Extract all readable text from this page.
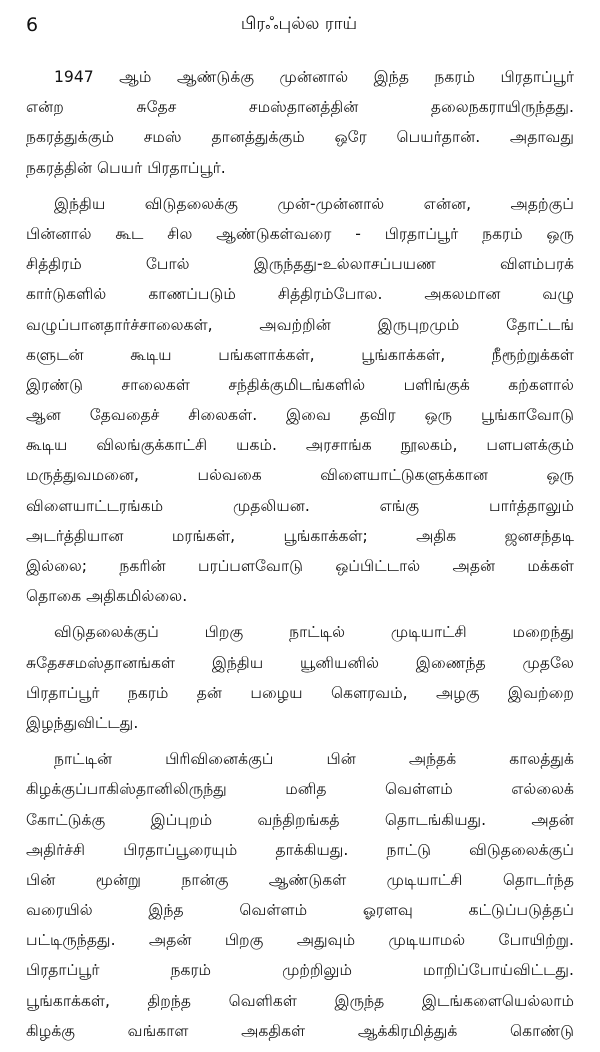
6	பிரஃபுல்ல ராய்
1947 ஆம் ஆண்டுக்கு முன்னால் இந்த நகரம் பிரதாப்பூர்
என்ற சுதேச சமஸ்தானத்தின் தலைநகராயிருந்தது.
நகரத்துக்கும் சமஸ் தானத்துக்கும் ஒரே பெயர்தான். அதாவது
நகரத்தின் பெயர் பிரதாப்பூர்.
இந்திய விடுதலைக்கு முன்-முன்னால் என்ன, அதற்குப்
பின்னால் கூட சில ஆண்டுகள்வரை - பிரதாப்பூர் நகரம் ஒரு
சித்திரம் போல் இருந்தது-உல்லாசப்பயண விளம்பரக்
கார்டுகளில் காணப்படும் சித்திரம்போல. அகலமான வழு
வழுப்பானதார்ச்சாலைகள், அவற்றின் இருபுறமும் தோட்டங்
களுடன் கூடிய பங்களாக்கள், பூங்காக்கள், நீரூற்றுக்கள்
இரண்டு சாலைகள் சந்திக்குமிடங்களில் பளிங்குக் கற்களால்
ஆன தேவதைச் சிலைகள். இவை தவிர ஒரு பூங்காவோடு
கூடிய விலங்குக்காட்சி யகம். அரசாங்க நூலகம், பளபளக்கும்
மருத்துவமனை, பல்வகை விளையாட்டுகளுக்கான ஒரு
விளையாட்டரங்கம் முதலியன. எங்கு பார்த்தாலும்
அடர்த்தியான மரங்கள், பூங்காக்கள்; அதிக ஜனசந்தடி
இல்லை; நகரின் பரப்பளவோடு ஒப்பிட்டால் அதன் மக்கள்
தொகை அதிகமில்லை.
விடுதலைக்குப் பிறகு நாட்டில் முடியாட்சி மறைந்து
சுதேசசமஸ்தானங்கள் இந்திய யூனியனில் இணைந்த முதலே
பிரதாப்பூர் நகரம் தன் பழைய கௌரவம், அழகு இவற்றை
இழந்துவிட்டது.
நாட்டின் பிரிவினைக்குப் பின் அந்தக் காலத்துக்
கிழக்குப்பாகிஸ்தானிலிருந்து மனித வெள்ளம் எல்லைக்
கோட்டுக்கு இப்புறம் வந்திறங்கத் தொடங்கியது. அதன்
அதிர்ச்சி பிரதாப்பூரையும் தாக்கியது. நாட்டு விடுதலைக்குப்
பின் மூன்று நான்கு ஆண்டுகள் முடியாட்சி தொடர்ந்த
வரையில் இந்த வெள்ளம் ஓரளவு கட்டுப்படுத்தப்
பட்டிருந்தது. அதன் பிறகு அதுவும் முடியாமல் போயிற்று.
பிரதாப்பூர் நகரம் முற்றிலும் மாறிப்போய்விட்டது.
பூங்காக்கள், திறந்த வெளிகள் இருந்த இடங்களையெல்லாம்
கிழக்கு வங்காள அகதிகள் ஆக்கிரமித்துக் கொண்டு
